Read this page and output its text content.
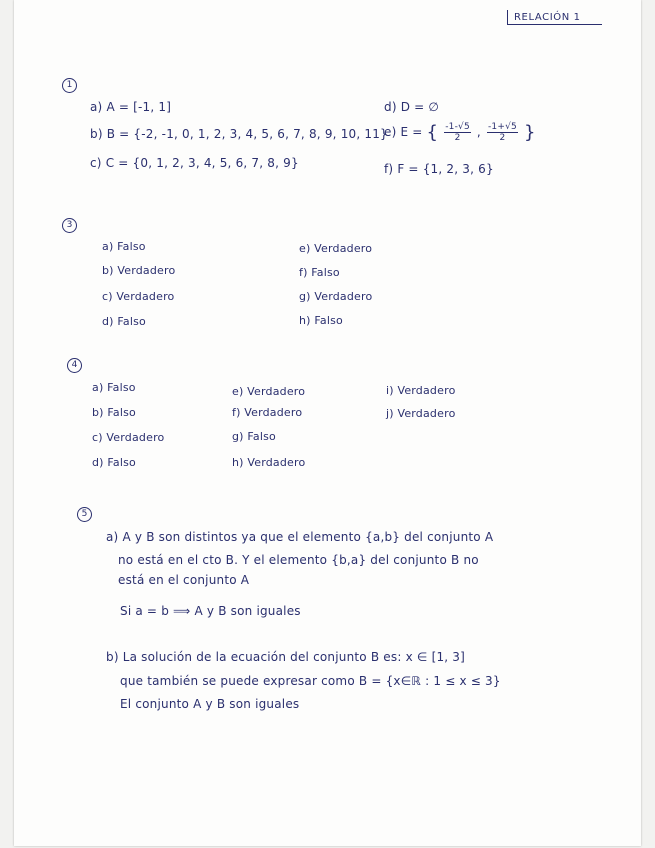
RELACIÓN 1
1
a) A = [-1, 1]
b) B = {-2, -1, 0, 1, 2, 3, 4, 5, 6, 7, 8, 9, 10, 11}
c) C = {0, 1, 2, 3, 4, 5, 6, 7, 8, 9}
d) D = ∅
e) E = { $\frac{-1-√5}{2}$ , $\frac{-1+√5}{2}$ }
f) F = {1, 2, 3, 6}
3
a) Falso
b) Verdadero
c) Verdadero
d) Falso
e) Verdadero
f) Falso
g) Verdadero
h) Falso
4
a) Falso
b) Falso
c) Verdadero
d) Falso
e) Verdadero
f) Verdadero
g) Falso
h) Verdadero
i) Verdadero
j) Verdadero
5
a) A y B son distintos ya que el elemento {a,b} del conjunto A
no está en el cto B. Y el elemento {b,a} del conjunto B no
está en el conjunto A
Si a = b ⟹ A y B son iguales
b) La solución de la ecuación del conjunto B es: x ∈ [1, 3]
que también se puede expresar como B = {x∈ℝ : 1 ≤ x ≤ 3}
El conjunto A y B son iguales
